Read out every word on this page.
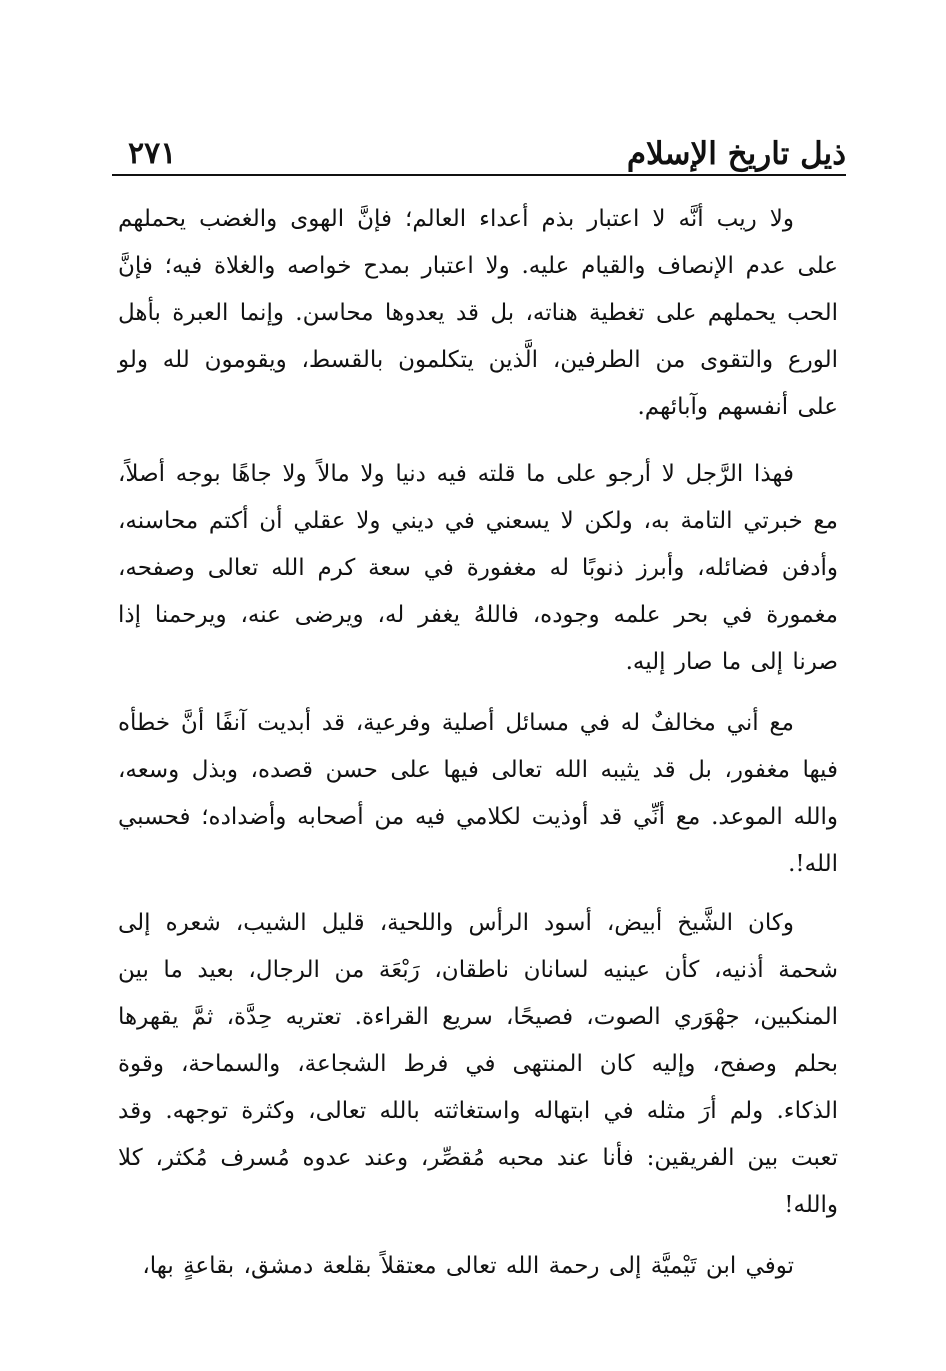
ذيل تاريخ الإسلام
٢٧١

ولا ريب أنَّه لا اعتبار بذم أعداء العالم؛ فإنَّ الهوى والغضب يحملهم على عدم الإنصاف والقيام عليه. ولا اعتبار بمدح خواصه والغلاة فيه؛ فإنَّ الحب يحملهم على تغطية هناته، بل قد يعدوها محاسن. وإنما العبرة بأهل الورع والتقوى من الطرفين، الَّذين يتكلمون بالقسط، ويقومون لله ولو على أنفسهم وآبائهم.

فهذا الرَّجل لا أرجو على ما قلته فيه دنيا ولا مالاً ولا جاهًا بوجه أصلاً، مع خبرتي التامة به، ولكن لا يسعني في ديني ولا عقلي أن أكتم محاسنه، وأدفن فضائله، وأبرز ذنوبًا له مغفورة في سعة كرم الله تعالى وصفحه، مغمورة في بحر علمه وجوده، فاللهُ يغفر له، ويرضى عنه، ويرحمنا إذا صرنا إلى ما صار إليه.

مع أني مخالفٌ له في مسائل أصلية وفرعية، قد أبديت آنفًا أنَّ خطأه فيها مغفور، بل قد يثيبه الله تعالى فيها على حسن قصده، وبذل وسعه، والله الموعد. مع أنِّي قد أوذيت لكلامي فيه من أصحابه وأضداده؛ فحسبي الله!.

وكان الشَّيخ أبيض، أسود الرأس واللحية، قليل الشيب، شعره إلى شحمة أذنيه، كأن عينيه لسانان ناطقان، رَبْعَة من الرجال، بعيد ما بين المنكبين، جهْوَري الصوت، فصيحًا، سريع القراءة. تعتريه حِدَّة، ثمَّ يقهرها بحلم وصفح، وإليه كان المنتهى في فرط الشجاعة، والسماحة، وقوة الذكاء. ولم أرَ مثله في ابتهاله واستغاثته بالله تعالى، وكثرة توجهه. وقد تعبت بين الفريقين: فأنا عند محبه مُقصِّر، وعند عدوه مُسرف مُكثر، كلا والله!

توفي ابن تَيْميَّة إلى رحمة الله تعالى معتقلاً بقلعة دمشق، بقاعةٍ بها،
